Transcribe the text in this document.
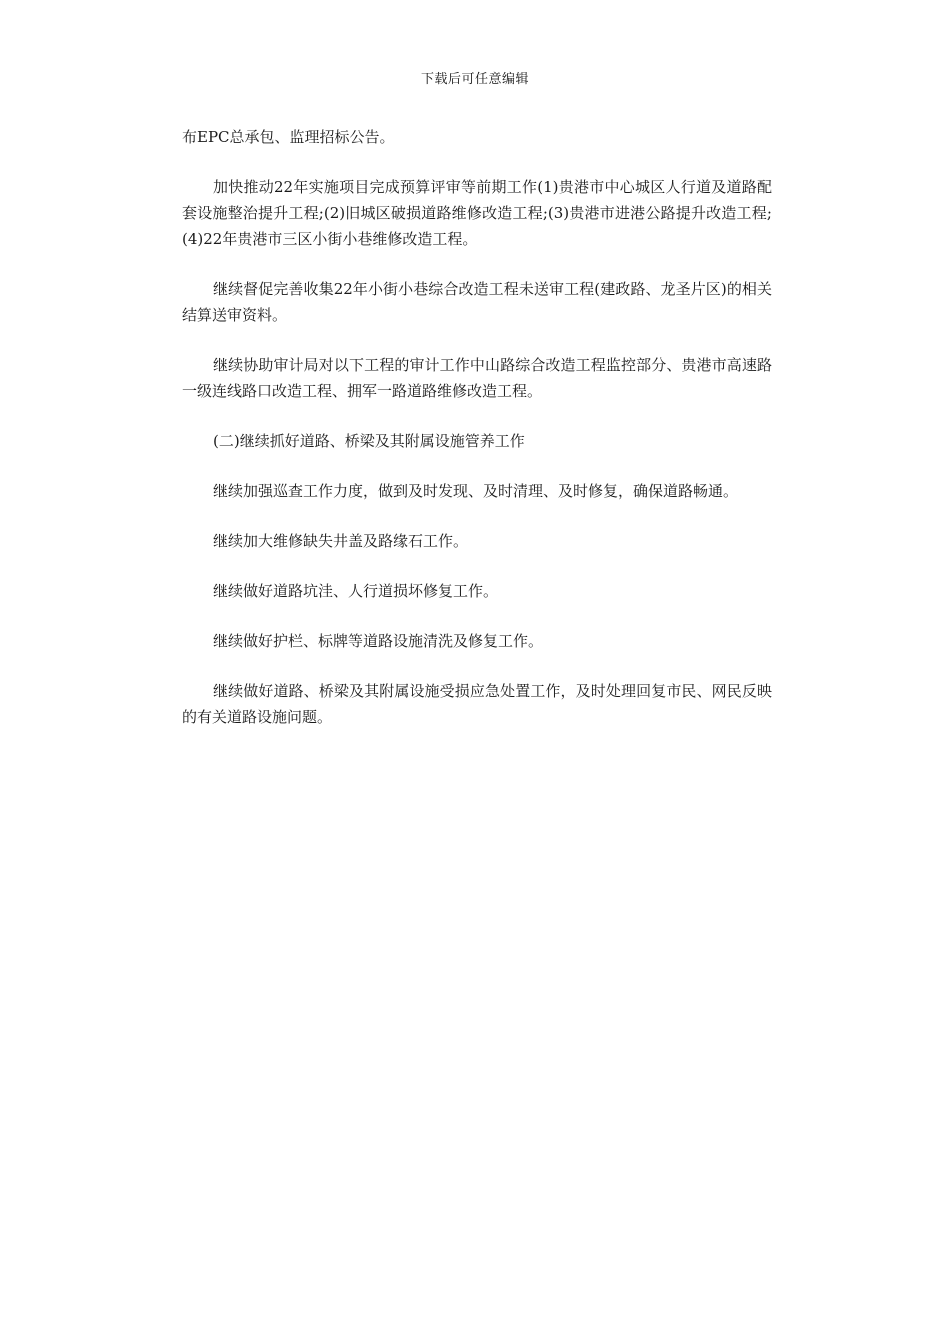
下载后可任意编辑

布EPC总承包、监理招标公告。

加快推动22年实施项目完成预算评审等前期工作(1)贵港市中心城区人行道及道路配套设施整治提升工程;(2)旧城区破损道路维修改造工程;(3)贵港市进港公路提升改造工程;(4)22年贵港市三区小街小巷维修改造工程。

继续督促完善收集22年小街小巷综合改造工程未送审工程(建政路、龙圣片区)的相关结算送审资料。

继续协助审计局对以下工程的审计工作中山路综合改造工程监控部分、贵港市高速路一级连线路口改造工程、拥军一路道路维修改造工程。

(二)继续抓好道路、桥梁及其附属设施管养工作

继续加强巡查工作力度，做到及时发现、及时清理、及时修复，确保道路畅通。

继续加大维修缺失井盖及路缘石工作。

继续做好道路坑洼、人行道损坏修复工作。

继续做好护栏、标牌等道路设施清洗及修复工作。

继续做好道路、桥梁及其附属设施受损应急处置工作，及时处理回复市民、网民反映的有关道路设施问题。
